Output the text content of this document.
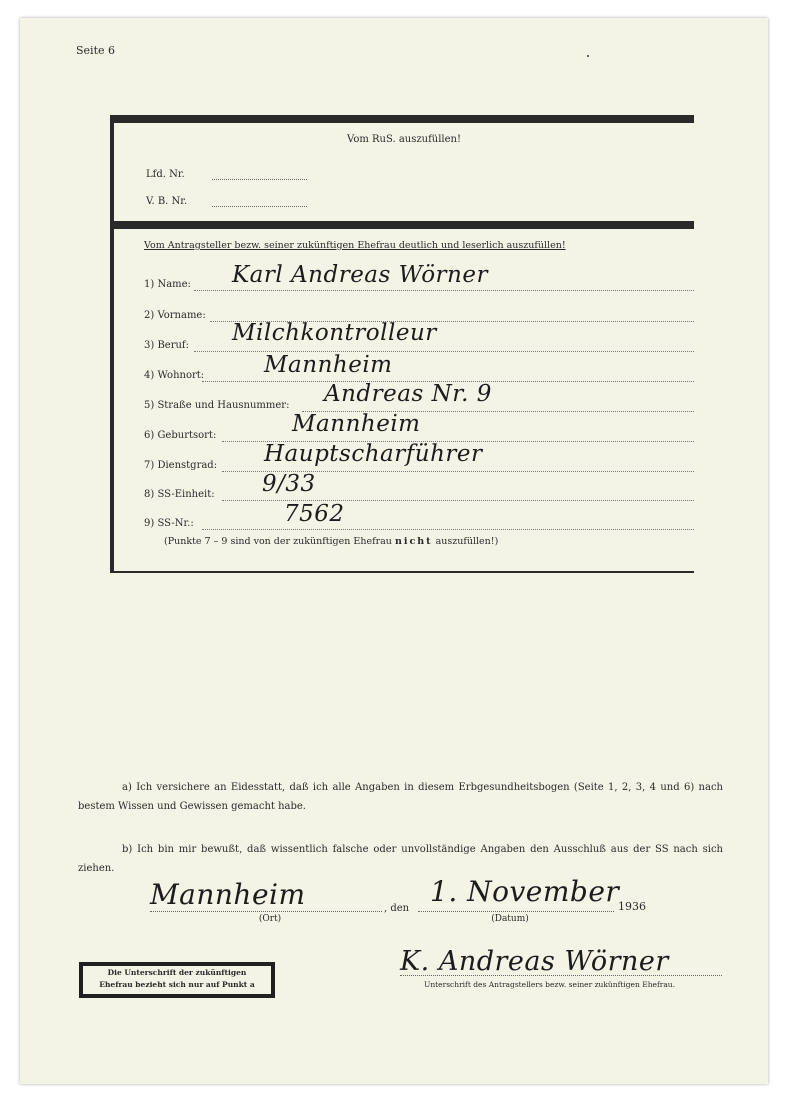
Seite 6
Vom RuS. auszufüllen!
Lfd. Nr.
V. B. Nr.
Vom Antragsteller bezw. seiner zukünftigen Ehefrau deutlich und leserlich auszufüllen!
1) Name: Karl Andreas Wörner
2) Vorname:
3) Beruf: Milchkontrolleur
4) Wohnort:	Mannheim
5) Straße und Hausnummer: Andreas Nr. 9
6) Geburtsort:	Mannheim
7) Dienstgrad: Hauptscharführer
8) SS-Einheit: 9/33
9) SS-Nr.:	7562
(Punkte 7 – 9 sind von der zukünftigen Ehefrau nicht auszufüllen!)
a) Ich versichere an Eidesstatt, daß ich alle Angaben in diesem Erbgesundheitsbogen (Seite 1, 2, 3, 4 und 6) nach bestem Wissen und Gewissen gemacht habe.
b) Ich bin mir bewußt, daß wissentlich falsche oder unvollständige Angaben den Ausschluß aus der SS nach sich ziehen.
Mannheim
(Ort)
, den
1. November
(Datum)
1936
K. Andreas Wörner
Unterschrift des Antragstellers bezw. seiner zukünftigen Ehefrau.
Die Unterschrift der zukünftigen
Ehefrau bezieht sich nur auf Punkt a
